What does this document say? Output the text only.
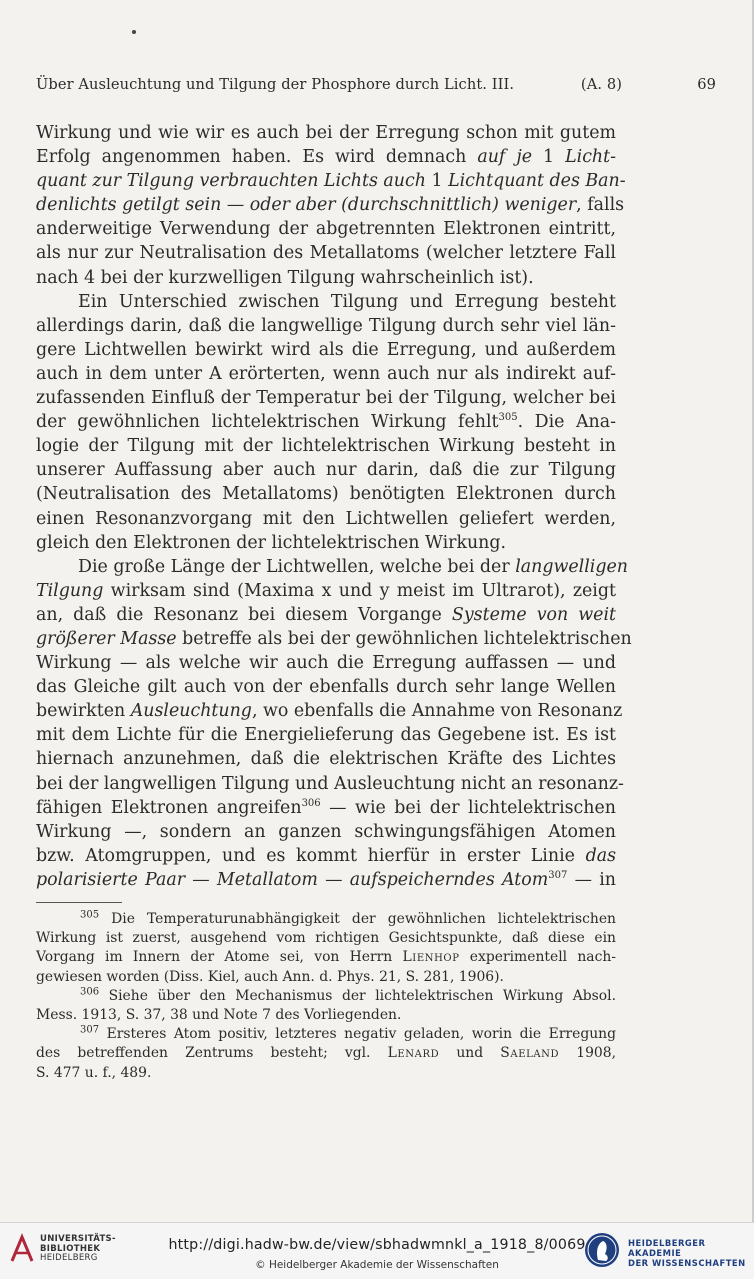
Über Ausleuchtung und Tilgung der Phosphore durch Licht. III.	(A. 8)	69
Wirkung und wie wir es auch bei der Erregung schon mit gutem
Erfolg angenommen haben. Es wird demnach auf je 1 Licht-
quant zur Tilgung verbrauchten Lichts auch 1 Lichtquant des Ban-
denlichts getilgt sein — oder aber (durchschnittlich) weniger, falls
anderweitige Verwendung der abgetrennten Elektronen eintritt,
als nur zur Neutralisation des Metallatoms (welcher letztere Fall
nach 4 bei der kurzwelligen Tilgung wahrscheinlich ist).
Ein Unterschied zwischen Tilgung und Erregung besteht
allerdings darin, daß die langwellige Tilgung durch sehr viel län-
gere Lichtwellen bewirkt wird als die Erregung, und außerdem
auch in dem unter A erörterten, wenn auch nur als indirekt auf-
zufassenden Einfluß der Temperatur bei der Tilgung, welcher bei
der gewöhnlichen lichtelektrischen Wirkung fehlt$^{305}$. Die Ana-
logie der Tilgung mit der lichtelektrischen Wirkung besteht in
unserer Auffassung aber auch nur darin, daß die zur Tilgung
(Neutralisation des Metallatoms) benötigten Elektronen durch
einen Resonanzvorgang mit den Lichtwellen geliefert werden,
gleich den Elektronen der lichtelektrischen Wirkung.
Die große Länge der Lichtwellen, welche bei der langwelligen
Tilgung wirksam sind (Maxima x und y meist im Ultrarot), zeigt
an, daß die Resonanz bei diesem Vorgange Systeme von weit
größerer Masse betreffe als bei der gewöhnlichen lichtelektrischen
Wirkung — als welche wir auch die Erregung auffassen — und
das Gleiche gilt auch von der ebenfalls durch sehr lange Wellen
bewirkten Ausleuchtung, wo ebenfalls die Annahme von Resonanz
mit dem Lichte für die Energielieferung das Gegebene ist. Es ist
hiernach anzunehmen, daß die elektrischen Kräfte des Lichtes
bei der langwelligen Tilgung und Ausleuchtung nicht an resonanz-
fähigen Elektronen angreifen$^{306}$ — wie bei der lichtelektrischen
Wirkung —, sondern an ganzen schwingungsfähigen Atomen
bzw. Atomgruppen, und es kommt hierfür in erster Linie das
polarisierte Paar — Metallatom — aufspeicherndes Atom$^{307}$ — in
$^{305}$ Die Temperaturunabhängigkeit der gewöhnlichen lichtelektrischen
Wirkung ist zuerst, ausgehend vom richtigen Gesichtspunkte, daß diese ein
Vorgang im Innern der Atome sei, von Herrn Lienhop experimentell nach-
gewiesen worden (Diss. Kiel, auch Ann. d. Phys. 21, S. 281, 1906).
$^{306}$ Siehe über den Mechanismus der lichtelektrischen Wirkung Absol.
Mess. 1913, S. 37, 38 und Note 7 des Vorliegenden.
$^{307}$ Ersteres Atom positiv, letzteres negativ geladen, worin die Erregung
des betreffenden Zentrums besteht; vgl. Lenard und Saeland 1908,
S. 477 u. f., 489.
UNIVERSITÄTS-
BIBLIOTHEK
HEIDELBERG
http://digi.hadw-bw.de/view/sbhadwmnkl_a_1918_8/0069
© Heidelberger Akademie der Wissenschaften
HEIDELBERGER AKADEMIE
DER WISSENSCHAFTEN
